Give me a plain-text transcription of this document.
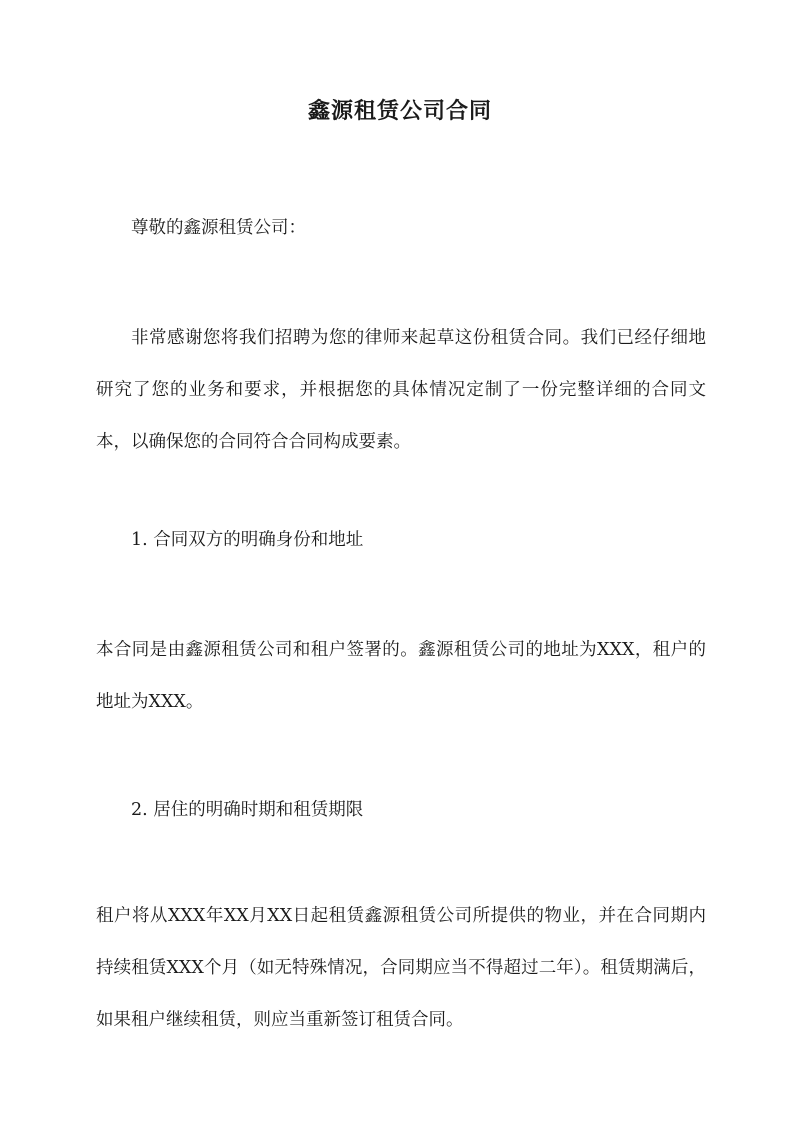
鑫源租赁公司合同

尊敬的鑫源租赁公司：

非常感谢您将我们招聘为您的律师来起草这份租赁合同。我们已经仔细地研究了您的业务和要求，并根据您的具体情况定制了一份完整详细的合同文本，以确保您的合同符合合同构成要素。

1. 合同双方的明确身份和地址

本合同是由鑫源租赁公司和租户签署的。鑫源租赁公司的地址为XXX，租户的地址为XXX。

2. 居住的明确时期和租赁期限

租户将从XXX年XX月XX日起租赁鑫源租赁公司所提供的物业，并在合同期内持续租赁XXX个月（如无特殊情况，合同期应当不得超过二年）。租赁期满后，如果租户继续租赁，则应当重新签订租赁合同。
